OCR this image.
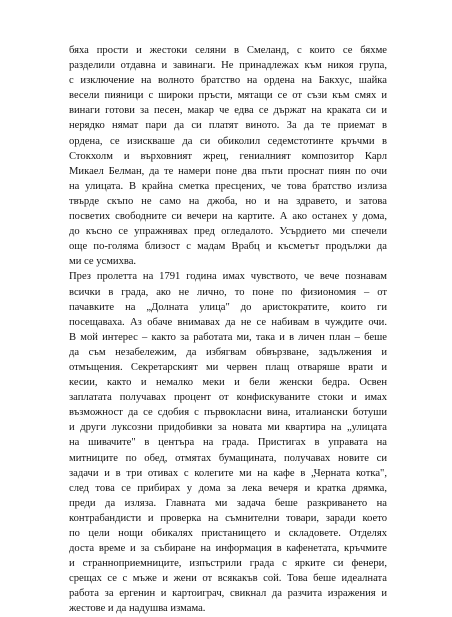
бяха прости и жестоки селяни в Смеланд, с които се бяхме
разделили отдавна и завинаги. Не принадлежах към никоя група,
с изключение на волното братство на ордена на Бакхус, шайка
весели пияници с широки пръсти, мятащи се от съзи към смях и
винаги готови за песен, макар че едва се държат на краката си и
нерядко нямат пари да си платят виното. За да те приемат в
ордена, се изискваше да си обиколил седемстотинте кръчми в
Стокхолм и върховният жрец, гениалният композитор Карл
Микаел Белман, да те намери поне два пъти проснат пиян по очи
на улицата. В крайна сметка пресцених, че това братство излиза
твърде скъпо не само на джоба, но и на здравето, и затова
посветих свободните си вечери на картите. А ако останех у дома,
до късно се упражнявах пред огледалото. Усърдието ми спечели
още по-голяма близост с мадам Врабц и късметът продължи да
ми се усмихва.
През пролетта на 1791 година имах чувството, че вече познавам
всички в града, ако не лично, то поне по физиономия – от
пачавките на „Долната улица" до аристократите, които ги
посещаваха. Аз обаче внимавах да не се набивам в чуждите очи.
В мой интерес – както за работата ми, така и в личен план – беше
да съм незабележим, да избягвам обвързване, задължения и
отмъщения. Секретарският ми червен плащ отваряше врати и
кесии, както и немалко меки и бели женски бедра. Освен
заплатата получавах процент от конфискуваните стоки и имах
възможност да се сдобия с първокласни вина, италиански ботуши
и други луксозни придобивки за новата ми квартира на „улицата
на шивачите" в центъра на града. Пристигах в управата на
митниците по обед, отмятах бумащината, получавах новите си
задачи и в три отивах с колегите ми на кафе в „Черната котка",
след това се прибирах у дома за лека вечеря и кратка дрямка,
преди да изляза. Главната ми задача беше разкриването на
контрабандисти и проверка на съмнителни товари, заради което
по цели нощи обикалях пристанището и складовете. Отделях
доста време и за събиране на информация в кафенетата, кръчмите
и странноприемниците, изпъстрили града с ярките си фенери,
срещах се с мъже и жени от всякакъв сой. Това беше идеалната
работа за ергенин и картоиграч, свикнал да разчита изражения и
жестове и да надушва измама.
